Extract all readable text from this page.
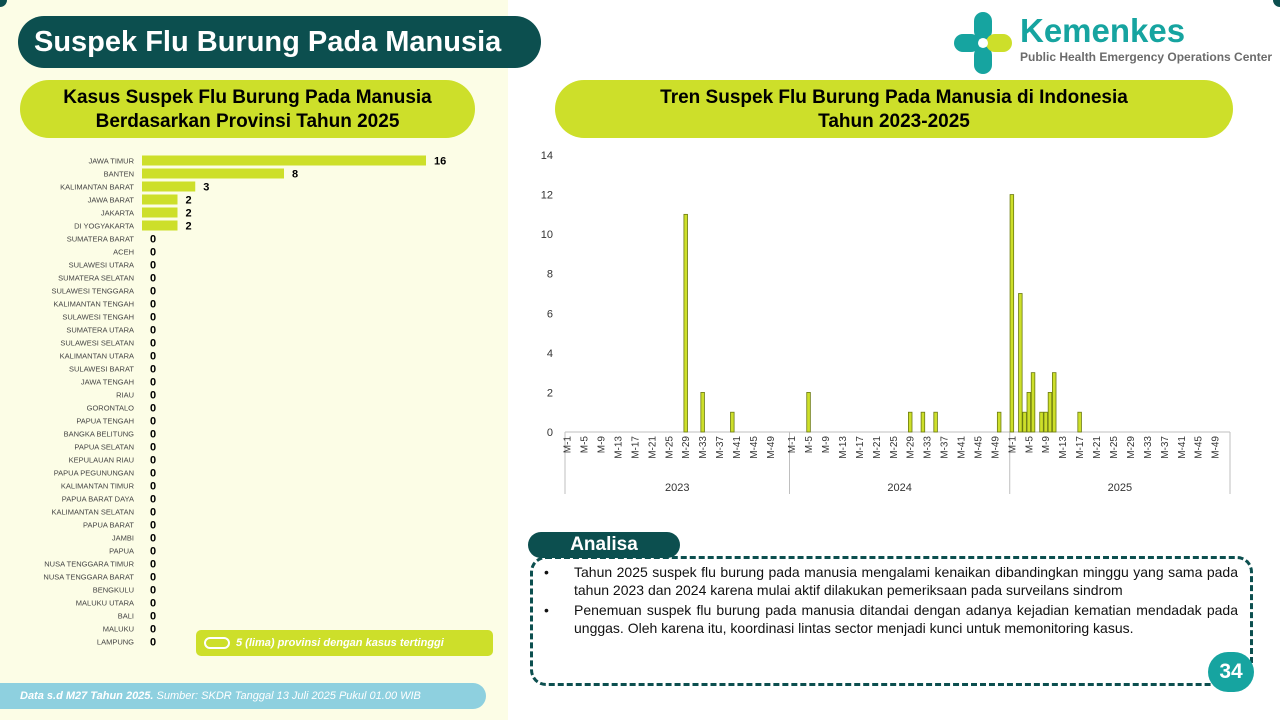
Suspek Flu Burung Pada Manusia	Kemenkes
Public Health Emergency Operations Center
Kasus Suspek Flu Burung Pada Manusia
Berdasarkan Provinsi Tahun 2025
Tren Suspek Flu Burung Pada Manusia di Indonesia
Tahun 2023-2025
JAWA TIMUR	16
BANTEN	8
KALIMANTAN BARAT	3
JAWA BARAT	2
JAKARTA	2
DI YOGYAKARTA	2
SUMATERA BARAT 0
ACEH 0
SULAWESI UTARA 0
SUMATERA SELATAN 0
SULAWESI TENGGARA 0
KALIMANTAN TENGAH 0
SULAWESI TENGAH 0
SUMATERA UTARA 0
SULAWESI SELATAN 0
KALIMANTAN UTARA 0
SULAWESI BARAT 0
JAWA TENGAH 0
RIAU 0
GORONTALO 0
PAPUA TENGAH 0
BANGKA BELITUNG 0
PAPUA SELATAN 0
KEPULAUAN RIAU 0
PAPUA PEGUNUNGAN 0
KALIMANTAN TIMUR 0
PAPUA BARAT DAYA 0
KALIMANTAN SELATAN 0
PAPUA BARAT 0
JAMBI 0
PAPUA 0
NUSA TENGGARA TIMUR 0
NUSA TENGGARA BARAT 0
BENGKULU 0
MALUKU UTARA 0
BALI 0
MALUKU 0
LAMPUNG 0
0
2
4
6
8
10
12
14
2023
M-1 M-5 M-9 M-13 M-17 M-21 M-25 M-29 M-33 M-37 M-41 M-45 M-49
2024
M-1 M-5 M-9 M-13 M-17 M-21 M-25 M-29 M-33 M-37 M-41 M-45 M-49
2025
M-1 M-5 M-9 M-13 M-17 M-21 M-25 M-29 M-33 M-37 M-41 M-45 M-49
5 (lima) provinsi dengan kasus tertinggi
Data s.d M27 Tahun 2025. Sumber: SKDR Tanggal 13 Juli 2025 Pukul 01.00 WIB
Analisa
• Tahun 2025 suspek flu burung pada manusia mengalami kenaikan dibandingkan minggu yang sama pada tahun 2023 dan 2024 karena mulai aktif dilakukan pemeriksaan pada surveilans sindrom
• Penemuan suspek flu burung pada manusia ditandai dengan adanya kejadian kematian mendadak pada unggas. Oleh karena itu, koordinasi lintas sector menjadi kunci untuk memonitoring kasus.
34
